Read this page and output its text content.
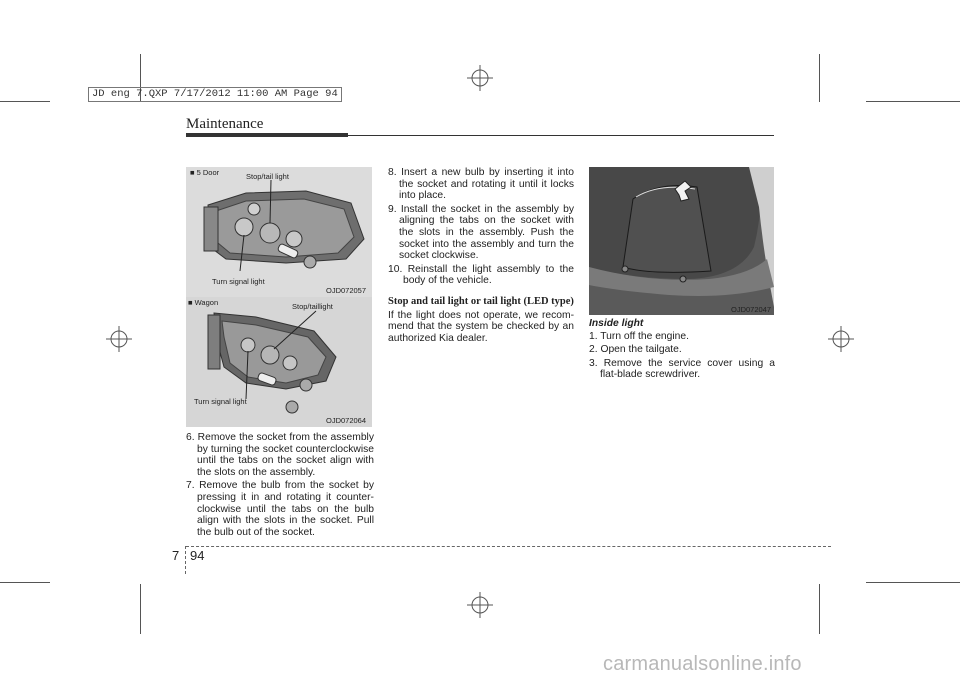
JD eng 7.QXP 7/17/2012 11:00 AM Page 94
Maintenance
■ 5 Door	Stop/tail light
Turn signal light
OJD072057
■ Wagon	Stop/taillight
Turn signal light
OJD072064
OJD072047

6. Remove the socket from the assembly by turning the socket counterclockwise until the tabs on the socket align with the slots on the assembly.

7. Remove the bulb from the socket by pressing it in and rotating it counter-clockwise until the tabs on the bulb align with the slots in the socket. Pull the bulb out of the socket.

8. Insert a new bulb by inserting it into the socket and rotating it until it locks into place.

9. Install the socket in the assembly by aligning the tabs on the socket with the slots in the assembly. Push the socket into the assembly and turn the socket clockwise.

10. Reinstall the light assembly to the body of the vehicle.

Stop and tail light or tail light (LED type)

If the light does not operate, we recom-mend that the system be checked by an authorized Kia dealer.

Inside light

1. Turn off the engine.

2. Open the tailgate.

3. Remove the service cover using a flat-blade screwdriver.

7 94
carmanualsonline.info
